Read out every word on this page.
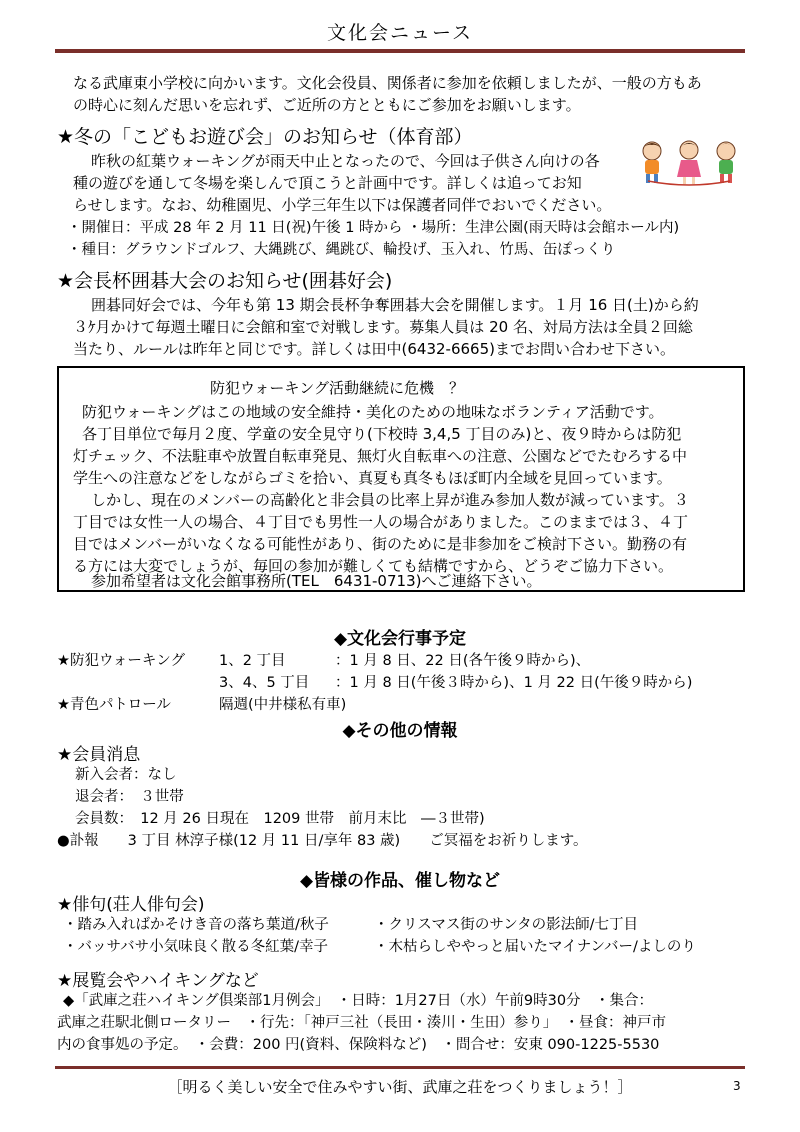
文化会ニュース
なる武庫東小学校に向かいます。文化会役員、関係者に参加を依頼しましたが、一般の方もあ
の時心に刻んだ思いを忘れず、ご近所の方とともにご参加をお願いします。
★冬の「こどもお遊び会」のお知らせ（体育部）
昨秋の紅葉ウォーキングが雨天中止となったので、今回は子供さん向けの各
種の遊びを通して冬場を楽しんで頂こうと計画中です。詳しくは追ってお知
らせします。なお、幼稚園児、小学三年生以下は保護者同伴でおいでください。
・開催日：平成 28 年 2 月 11 日(祝)午後 1 時から ・場所：生津公園(雨天時は会館ホール内)
・種目：グラウンドゴルフ、大縄跳び、縄跳び、輪投げ、玉入れ、竹馬、缶ぽっくり
★会長杯囲碁大会のお知らせ(囲碁好会)
囲碁同好会では、今年も第 13 期会長杯争奪囲碁大会を開催します。１月 16 日(土)から約
３ｹ月かけて毎週土曜日に会館和室で対戦します。募集人員は 20 名、対局方法は全員２回総
当たり、ルールは昨年と同じです。詳しくは田中(6432-6665)までお問い合わせ下さい。
防犯ウォーキング活動継続に危機　？
防犯ウォーキングはこの地域の安全維持・美化のための地味なボランティア活動です。
各丁目単位で毎月２度、学童の安全見守り(下校時 3,4,5 丁目のみ)と、夜９時からは防犯
灯チェック、不法駐車や放置自転車発見、無灯火自転車への注意、公園などでたむろする中
学生への注意などをしながらゴミを拾い、真夏も真冬もほぼ町内全域を見回っています。
しかし、現在のメンバーの高齢化と非会員の比率上昇が進み参加人数が減っています。３
丁目では女性一人の場合、４丁目でも男性一人の場合がありました。このままでは３、４丁
目ではメンバーがいなくなる可能性があり、街のために是非参加をご検討下さい。勤務の有
る方には大変でしょうが、毎回の参加が難しくても結構ですから、どうぞご協力下さい。
参加希望者は文化会館事務所(TEL　6431‐0713)へご連絡下さい。
◆文化会行事予定
★防犯ウォーキング 1、2 丁目	：1 月 8 日、22 日(各午後９時から)、
3、4、5 丁目 ：1 月 8 日(午後３時から)、1 月 22 日(午後９時から)
★青色パトロール	隔週(中井様私有車)
◆その他の情報
★会員消息
新入会者：なし
退会者：　３世帯
会員数：　12 月 26 日現在　1209 世帯　前月末比　―３世帯)
●訃報　　3 丁目 林淳子様(12 月 11 日/享年 83 歳)　　ご冥福をお祈りします。
◆皆様の作品、催し物など
★俳句(荘人俳句会)
・踏み入ればかそけき音の落ち葉道/秋子	・クリスマス街のサンタの影法師/七丁目
・バッサバサ小気味良く散る冬紅葉/幸子	・木枯らしややっと届いたマイナンバー/よしのり
★展覧会やハイキングなど
◆「武庫之荘ハイキング倶楽部1月例会」　・日時：1月27日（水）午前9時30分　・集合：
武庫之荘駅北側ロータリー　・行先：「神戸三社（長田・湊川・生田）参り」　・昼食：神戸市
内の食事処の予定。　・会費：200 円(資料、保険料など)　・問合せ：安東 090-1225-5530
［明るく美しい安全で住みやすい街、武庫之荘をつくりましょう！］	3
